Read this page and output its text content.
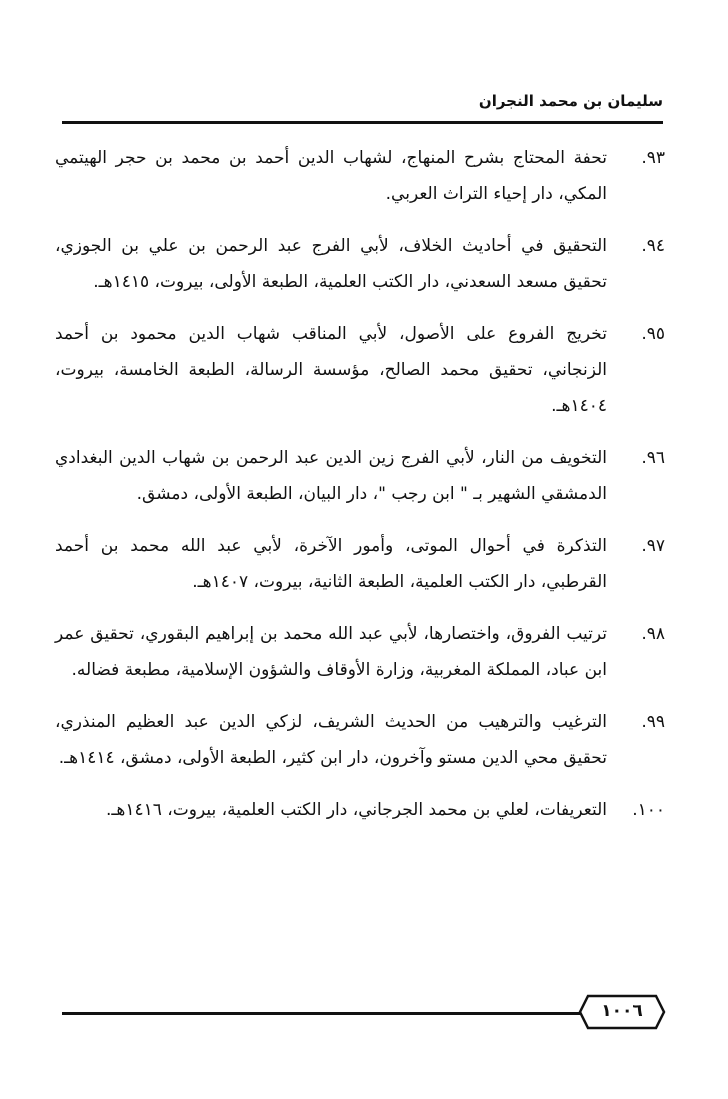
سليمان بن محمد النجران
٩٣.
تحفة المحتاج بشرح المنهاج، لشهاب الدين أحمد بن محمد بن حجر الهيتمي المكي، دار إحياء التراث العربي.
٩٤.
التحقيق في أحاديث الخلاف، لأبي الفرج عبد الرحمن بن علي بن الجوزي، تحقيق مسعد السعدني، دار الكتب العلمية، الطبعة الأولى، بيروت، ١٤١٥هـ.
٩٥.
تخريج الفروع على الأصول، لأبي المناقب شهاب الدين محمود بن أحمد الزنجاني، تحقيق محمد الصالح، مؤسسة الرسالة، الطبعة الخامسة، بيروت، ١٤٠٤هـ.
٩٦.
التخويف من النار، لأبي الفرج زين الدين عبد الرحمن بن شهاب الدين البغدادي الدمشقي الشهير بـ " ابن رجب "، دار البيان، الطبعة الأولى، دمشق.
٩٧.
التذكرة في أحوال الموتى، وأمور الآخرة، لأبي عبد الله محمد بن أحمد القرطبي، دار الكتب العلمية، الطبعة الثانية، بيروت، ١٤٠٧هـ.
٩٨.
ترتيب الفروق، واختصارها، لأبي عبد الله محمد بن إبراهيم البقوري، تحقيق عمر ابن عباد، المملكة المغربية، وزارة الأوقاف والشؤون الإسلامية، مطبعة فضاله.
٩٩.
الترغيب والترهيب من الحديث الشريف، لزكي الدين عبد العظيم المنذري، تحقيق محي الدين مستو وآخرون، دار ابن كثير، الطبعة الأولى، دمشق، ١٤١٤هـ.
١٠٠.
التعريفات، لعلي بن محمد الجرجاني، دار الكتب العلمية، بيروت، ١٤١٦هـ.
١٠٠٦
